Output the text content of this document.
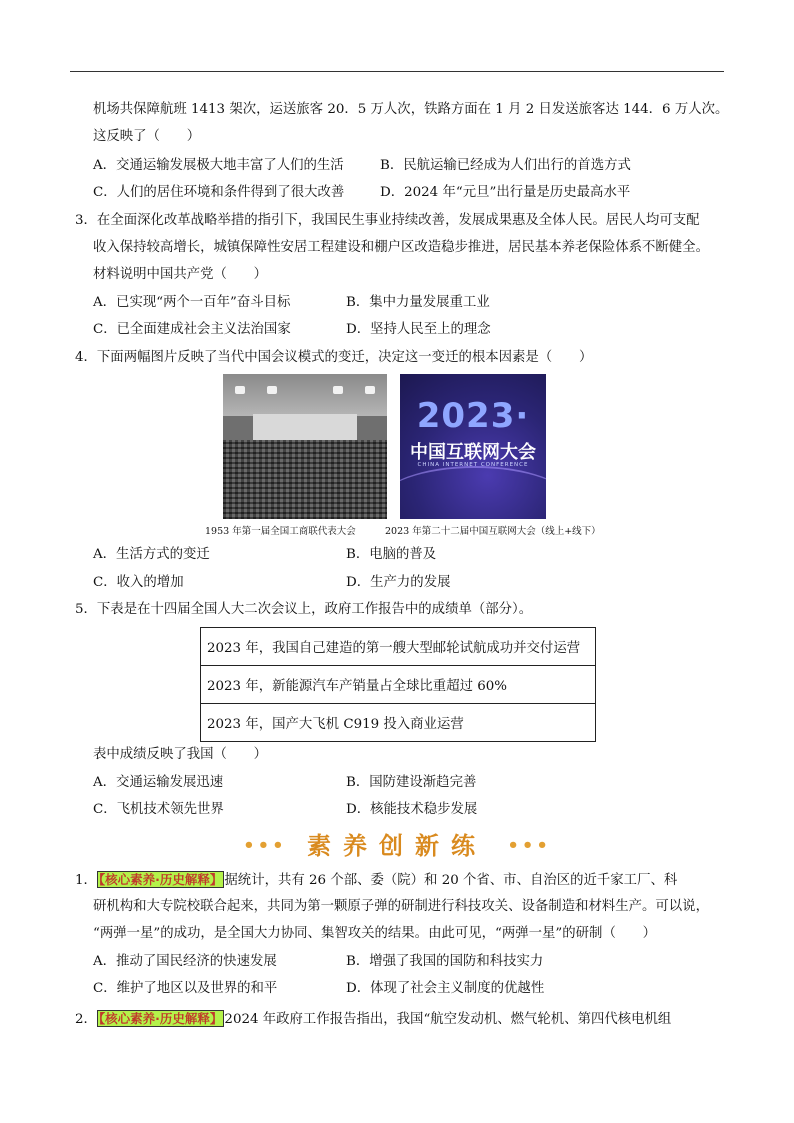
机场共保障航班 1413 架次，运送旅客 20．5 万人次，铁路方面在 1 月 2 日发送旅客达 144．6 万人次。
这反映了（　　）
A．交通运输发展极大地丰富了人们的生活	B．民航运输已经成为人们出行的首选方式
C．人们的居住环境和条件得到了很大改善	D．2024 年“元旦”出行量是历史最高水平
3．在全面深化改革战略举措的指引下，我国民生事业持续改善，发展成果惠及全体人民。居民人均可支配
收入保持较高增长，城镇保障性安居工程建设和棚户区改造稳步推进，居民基本养老保险体系不断健全。
材料说明中国共产党（　　）
A．已实现“两个一百年”奋斗目标	B．集中力量发展重工业
C．已全面建成社会主义法治国家	D．坚持人民至上的理念
4．下面两幅图片反映了当代中国会议模式的变迁，决定这一变迁的根本因素是（　　）
2023·
中国互联网大会
CHINA INTERNET CONFERENCE
1953 年第一届全国工商联代表大会	2023 年第二十二届中国互联网大会（线上+线下）
A．生活方式的变迁	B．电脑的普及
C．收入的增加	D．生产力的发展
5．下表是在十四届全国人大二次会议上，政府工作报告中的成绩单（部分）。
2023 年，我国自己建造的第一艘大型邮轮试航成功并交付运营
2023 年，新能源汽车产销量占全球比重超过 60%
2023 年，国产大飞机 C919 投入商业运营
表中成绩反映了我国（　　）
A．交通运输发展迅速	B．国防建设渐趋完善
C．飞机技术领先世界	D．核能技术稳步发展
••• 素养创新练 •••
1． 【核心素养·历史解释】 据统计，共有 26 个部、委（院）和 20 个省、市、自治区的近千家工厂、科
研机构和大专院校联合起来，共同为第一颗原子弹的研制进行科技攻关、设备制造和材料生产。可以说，
“两弹一星”的成功，是全国大力协同、集智攻关的结果。由此可见，“两弹一星”的研制（　　）
A．推动了国民经济的快速发展	B．增强了我国的国防和科技实力
C．维护了地区以及世界的和平	D．体现了社会主义制度的优越性
2． 【核心素养·历史解释】 2024 年政府工作报告指出，我国“航空发动机、燃气轮机、第四代核电机组
